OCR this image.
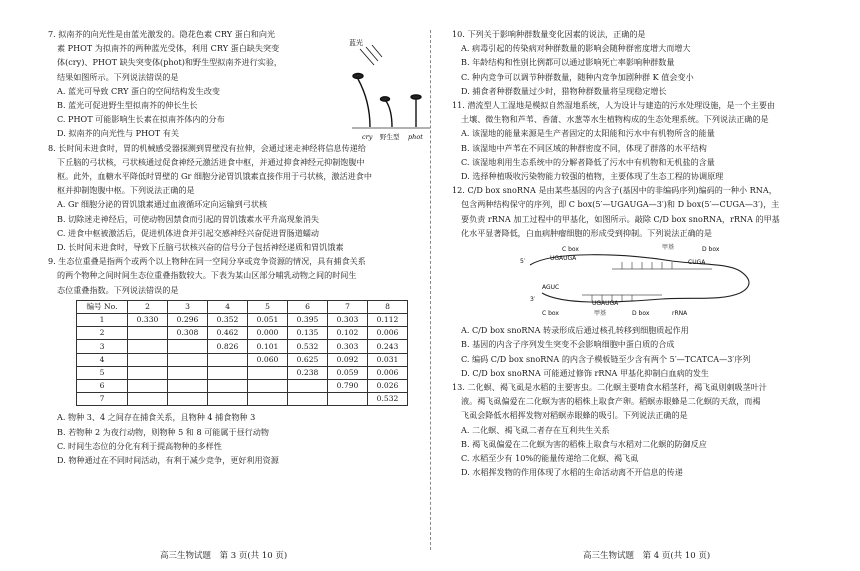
蓝光
cry 野生型 phot

7. 拟南芥的向光性是由蓝光激发的。隐花色素 CRY 蛋白和向光

素 PHOT 为拟南芥的两种蓝光受体，利用 CRY 蛋白缺失突变

体(cry)、PHOT 缺失突变体(phot)和野生型拟南芥进行实验，

结果如图所示。下列说法错误的是

A. 蓝光可导致 CRY 蛋白的空间结构发生改变

B. 蓝光可促进野生型拟南芥的伸长生长

C. PHOT 可能影响生长素在拟南芥体内的分布

D. 拟南芥的向光性与 PHOT 有关

8. 长时间未进食时，胃的机械感受器探测到胃壁没有拉伸，会通过迷走神经将信息传递给

下丘脑的弓状核，弓状核通过促食神经元激活进食中枢，并通过抑食神经元抑制饱腹中

枢。此外，血糖水平降低时胃壁的 Gr 细胞分泌胃饥饿素直接作用于弓状核，激活进食中

枢并抑制饱腹中枢。下列说法正确的是

A. Gr 细胞分泌的胃饥饿素通过血液循环定向运输到弓状核

B. 切除迷走神经后，可使动物因禁食而引起的胃饥饿素水平升高现象消失

C. 进食中枢被激活后，促进机体进食并引起交感神经兴奋促进胃肠道蠕动

D. 长时间未进食时，导致下丘脑弓状核兴奋的信号分子包括神经递质和胃饥饿素

9. 生态位重叠是指两个或两个以上物种在同一空间分享或竞争资源的情况，具有捕食关系

的两个物种之间时间生态位重叠指数较大。下表为某山区部分哺乳动物之间的时间生

态位重叠指数。下列说法错误的是

编号 No.	2	3	4	5	6	7	8
1	0.330	0.296	0.352	0.051	0.395	0.303	0.112
2		0.308	0.462	0.000	0.135	0.102	0.006
3			0.826	0.101	0.532	0.303	0.243
4				0.060	0.625	0.092	0.031
5					0.238	0.059	0.006
6						0.790	0.026
7							0.532

A. 物种 3、4 之间存在捕食关系，且物种 4 捕食物种 3

B. 若物种 2 为夜行动物，则物种 5 和 8 可能属于昼行动物

C. 时间生态位的分化有利于提高物种的多样性

D. 物种通过在不同时间活动，有利于减少竞争，更好利用资源

10. 下列关于影响种群数量变化因素的说法，正确的是

A. 病毒引起的传染病对种群数量的影响会随种群密度增大而增大

B. 年龄结构和性别比例都可以通过影响死亡率影响种群数量

C. 种内竞争可以调节种群数量，随种内竞争加剧种群 K 值会变小

D. 捕食者种群数量过少时，猎物种群数量将呈现稳定增长

11. 潜流型人工湿地是模拟自然湿地系统，人为设计与建造的污水处理设施，是一个主要由

土壤、微生物和芦苇、香蒲、水葱等水生植物构成的生态处理系统。下列说法正确的是

A. 该湿地的能量来源是生产者固定的太阳能和污水中有机物所含的能量

B. 该湿地中芦苇在不同区域的种群密度不同，体现了群落的水平结构

C. 该湿地利用生态系统中的分解者降低了污水中有机物和无机盐的含量

D. 选择种植吸收污染物能力较强的植物，主要体现了生态工程的协调原理

12. C/D box snoRNA 是由某些基因的内含子(基因中的非编码序列)编码的一种小 RNA，

包含两种结构保守的序列，即 C box(5′—UGAUGA—3′)和 D box(5′—CUGA—3′)，主

要负责 rRNA 加工过程中的甲基化，如图所示。敲除 C/D box snoRNA，rRNA 的甲基

化水平显著降低，白血病肿瘤细胞的形成受到抑制。下列说法正确的是

5′
3′
C box	D box
甲基
UGAUGA
CUGA
UGAUGA
AGUC
C box	D box
甲基	rRNA

A. C/D box snoRNA 转录形成后通过核孔转移到细胞质起作用

B. 基因的内含子序列发生突变不会影响细胞中蛋白质的合成

C. 编码 C/D box snoRNA 的内含子模板链至少含有两个 5′—TCATCA—3′序列

D. C/D box snoRNA 可能通过修饰 rRNA 甲基化抑制白血病的发生

13. 二化螟、褐飞虱是水稻的主要害虫。二化螟主要啃食水稻茎秆，褐飞虱则刺吸茎叶汁

液。褐飞虱偏爱在二化螟为害的稻株上取食产卵。稻螟赤眼蜂是二化螟的天敌，而褐

飞虱会降低水稻挥发物对稻螟赤眼蜂的吸引。下列说法正确的是

A. 二化螟、褐飞虱二者存在互利共生关系

B. 褐飞虱偏爱在二化螟为害的稻株上取食与水稻对二化螟的防御反应

C. 水稻至少有 10%的能量传递给二化螟、褐飞虱

D. 水稻挥发物的作用体现了水稻的生命活动离不开信息的传递

高三生物试题　第 3 页(共 10 页)	高三生物试题　第 4 页(共 10 页)
